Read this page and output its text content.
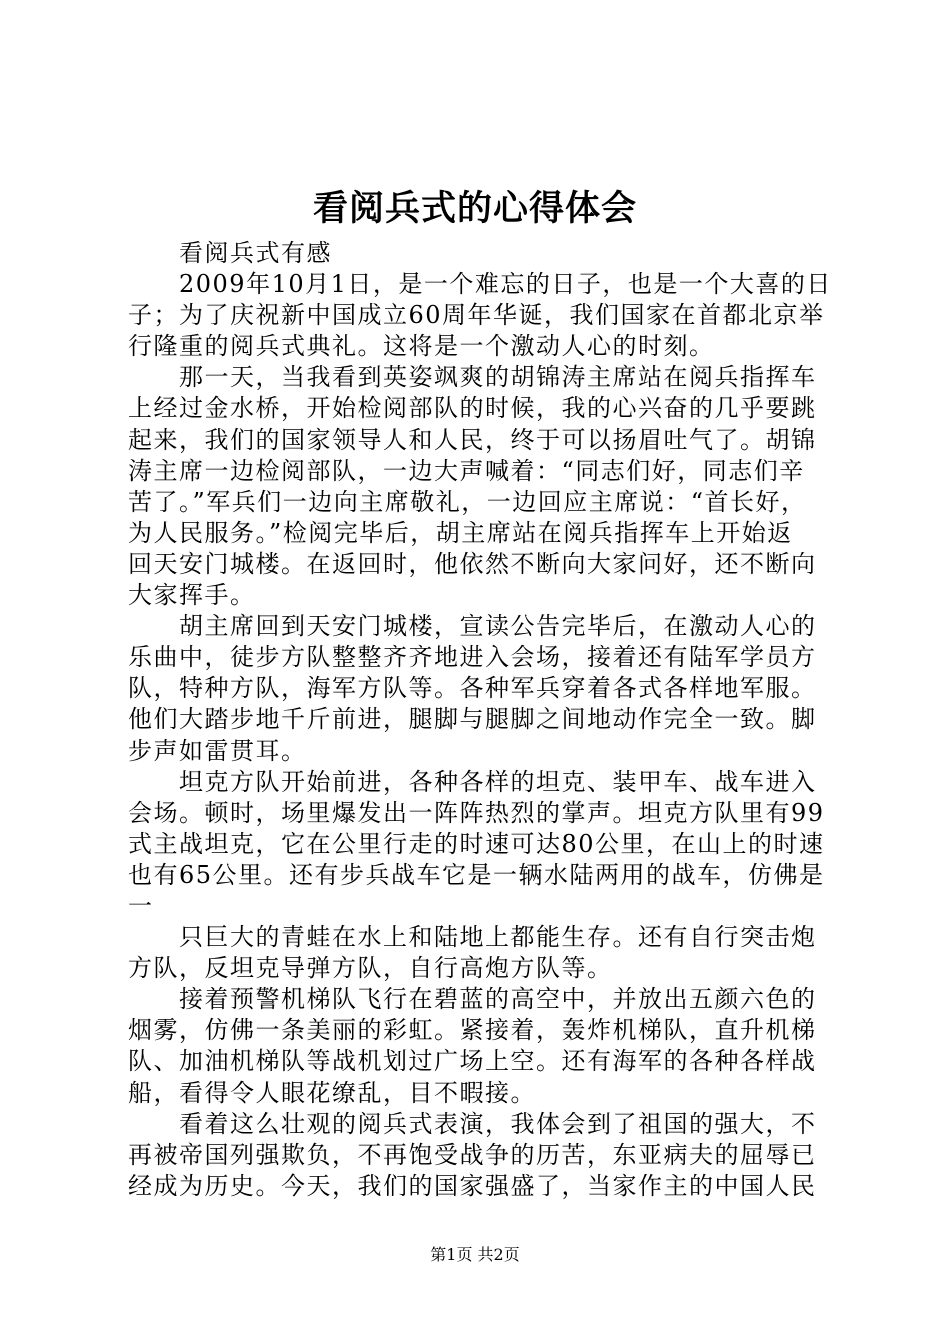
看阅兵式的心得体会
　　看阅兵式有感
　　2009年10月1日，是一个难忘的日子，也是一个大喜的日
子；为了庆祝新中国成立60周年华诞，我们国家在首都北京举
行隆重的阅兵式典礼。这将是一个激动人心的时刻。
　　那一天，当我看到英姿飒爽的胡锦涛主席站在阅兵指挥车
上经过金水桥，开始检阅部队的时候，我的心兴奋的几乎要跳
起来，我们的国家领导人和人民，终于可以扬眉吐气了。胡锦
涛主席一边检阅部队，一边大声喊着：“同志们好，同志们辛
苦了。”军兵们一边向主席敬礼，一边回应主席说：“首长好，
为人民服务。”检阅完毕后，胡主席站在阅兵指挥车上开始返
回天安门城楼。在返回时，他依然不断向大家问好，还不断向
大家挥手。
　　胡主席回到天安门城楼，宣读公告完毕后，在激动人心的
乐曲中，徒步方队整整齐齐地进入会场，接着还有陆军学员方
队，特种方队，海军方队等。各种军兵穿着各式各样地军服。
他们大踏步地千斤前进，腿脚与腿脚之间地动作完全一致。脚
步声如雷贯耳。
　　坦克方队开始前进，各种各样的坦克、装甲车、战车进入
会场。顿时，场里爆发出一阵阵热烈的掌声。坦克方队里有99
式主战坦克，它在公里行走的时速可达80公里，在山上的时速
也有65公里。还有步兵战车它是一辆水陆两用的战车，仿佛是
一
　　只巨大的青蛙在水上和陆地上都能生存。还有自行突击炮
方队，反坦克导弹方队，自行高炮方队等。
　　接着预警机梯队飞行在碧蓝的高空中，并放出五颜六色的
烟雾，仿佛一条美丽的彩虹。紧接着，轰炸机梯队，直升机梯
队、加油机梯队等战机划过广场上空。还有海军的各种各样战
船，看得令人眼花缭乱，目不暇接。
　　看着这么壮观的阅兵式表演，我体会到了祖国的强大，不
再被帝国列强欺负，不再饱受战争的历苦，东亚病夫的屈辱已
经成为历史。今天，我们的国家强盛了，当家作主的中国人民
第1页 共2页
